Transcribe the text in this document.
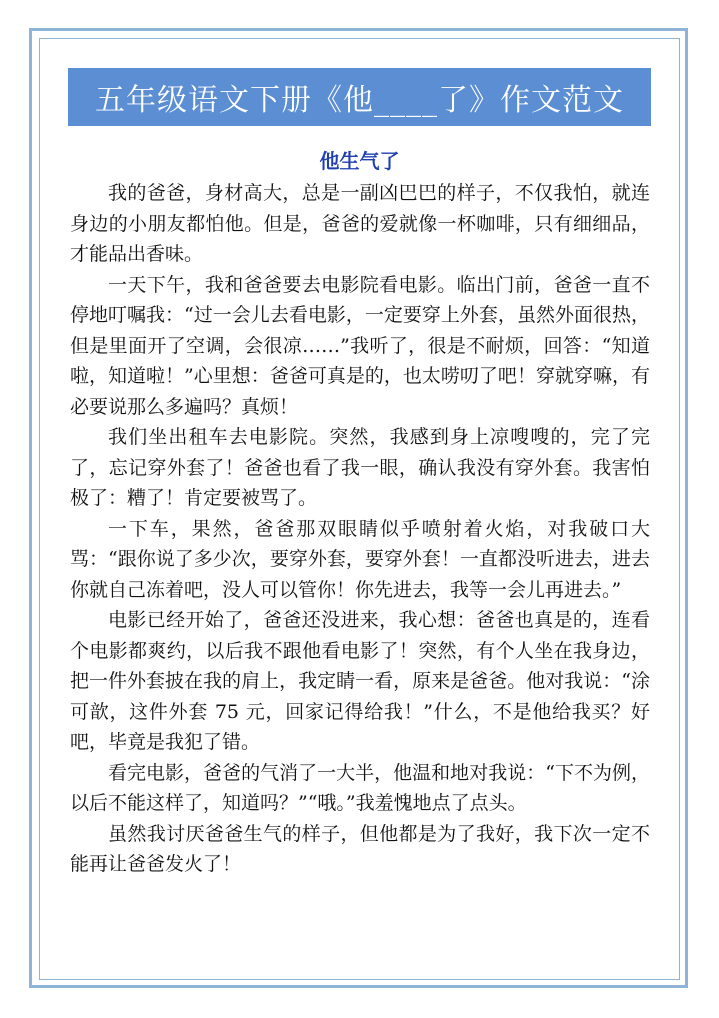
五年级语文下册《他____了》作文范文
他生气了

我的爸爸，身材高大，总是一副凶巴巴的样子，不仅我怕，就连身边的小朋友都怕他。但是，爸爸的爱就像一杯咖啡，只有细细品，才能品出香味。

一天下午，我和爸爸要去电影院看电影。临出门前，爸爸一直不停地叮嘱我：“过一会儿去看电影，一定要穿上外套，虽然外面很热，但是里面开了空调，会很凉……”我听了，很是不耐烦，回答：“知道啦，知道啦！”心里想：爸爸可真是的，也太唠叨了吧！穿就穿嘛，有必要说那么多遍吗？真烦！

我们坐出租车去电影院。突然，我感到身上凉嗖嗖的，完了完了，忘记穿外套了！爸爸也看了我一眼，确认我没有穿外套。我害怕极了：糟了！肯定要被骂了。

一下车，果然，爸爸那双眼睛似乎喷射着火焰，对我破口大骂：“跟你说了多少次，要穿外套，要穿外套！一直都没听进去，进去你就自己冻着吧，没人可以管你！你先进去，我等一会儿再进去。”

电影已经开始了，爸爸还没进来，我心想：爸爸也真是的，连看个电影都爽约，以后我不跟他看电影了！突然，有个人坐在我身边，把一件外套披在我的肩上，我定睛一看，原来是爸爸。他对我说：“涂可歆，这件外套 75 元，回家记得给我！”什么，不是他给我买？好吧，毕竟是我犯了错。

看完电影，爸爸的气消了一大半，他温和地对我说：“下不为例，以后不能这样了，知道吗？”“哦。”我羞愧地点了点头。

虽然我讨厌爸爸生气的样子，但他都是为了我好，我下次一定不能再让爸爸发火了！
